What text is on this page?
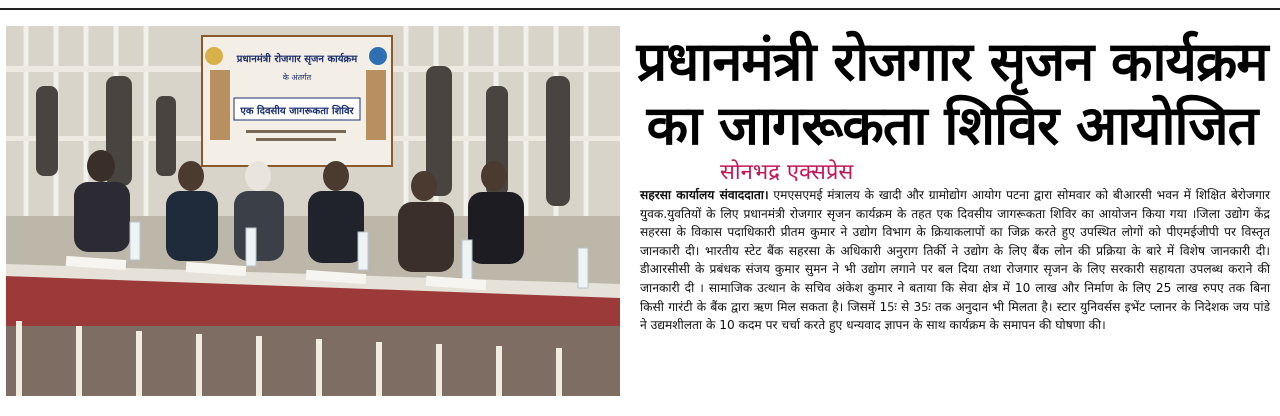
प्रधानमंत्री रोजगार सृजन कार्यक्रम
के अंतर्गत
एक दिवसीय जागरूकता शिविर
प्रधानमंत्री रोजगार सृजन कार्यक्रम
का जागरूकता शिविर आयोजित
सोनभद्र एक्सप्रेस
सहरसा कार्यालय संवाददाता। एमएसएमई मंत्रालय के खादी और ग्रामोद्योग आयोग पटना द्वारा सोमवार को बीआरसी भवन में शिक्षित बेरोजगार युवक.युवतियों के लिए प्रधानमंत्री रोजगार सृजन कार्यक्रम के तहत एक दिवसीय जागरूकता शिविर का आयोजन किया गया ।जिला उद्योग केंद्र सहरसा के विकास पदाधिकारी प्रीतम कुमार ने उद्योग विभाग के क्रियाकलापों का जिक्र करते हुए उपस्थित लोगों को पीएमईजीपी पर विस्तृत जानकारी दी। भारतीय स्टेट बैंक सहरसा के अधिकारी अनुराग तिर्की ने उद्योग के लिए बैंक लोन की प्रक्रिया के बारे में विशेष जानकारी दी। डीआरसीसी के प्रबंधक संजय कुमार सुमन ने भी उद्योग लगाने पर बल दिया तथा रोजगार सृजन के लिए सरकारी सहायता उपलब्ध कराने की जानकारी दी । सामाजिक उत्थान के सचिव अंकेश कुमार ने बताया कि सेवा क्षेत्र में 10 लाख और निर्माण के लिए 25 लाख रुपए तक बिना किसी गारंटी के बैंक द्वारा ऋण मिल सकता है। जिसमें 15ः से 35ः तक अनुदान भी मिलता है। स्टार युनिवर्सस इभेंट प्लानर के निदेशक जय पांडे ने उद्यमशीलता के 10 कदम पर चर्चा करते हुए धन्यवाद ज्ञापन के साथ कार्यक्रम के समापन की घोषणा की।
